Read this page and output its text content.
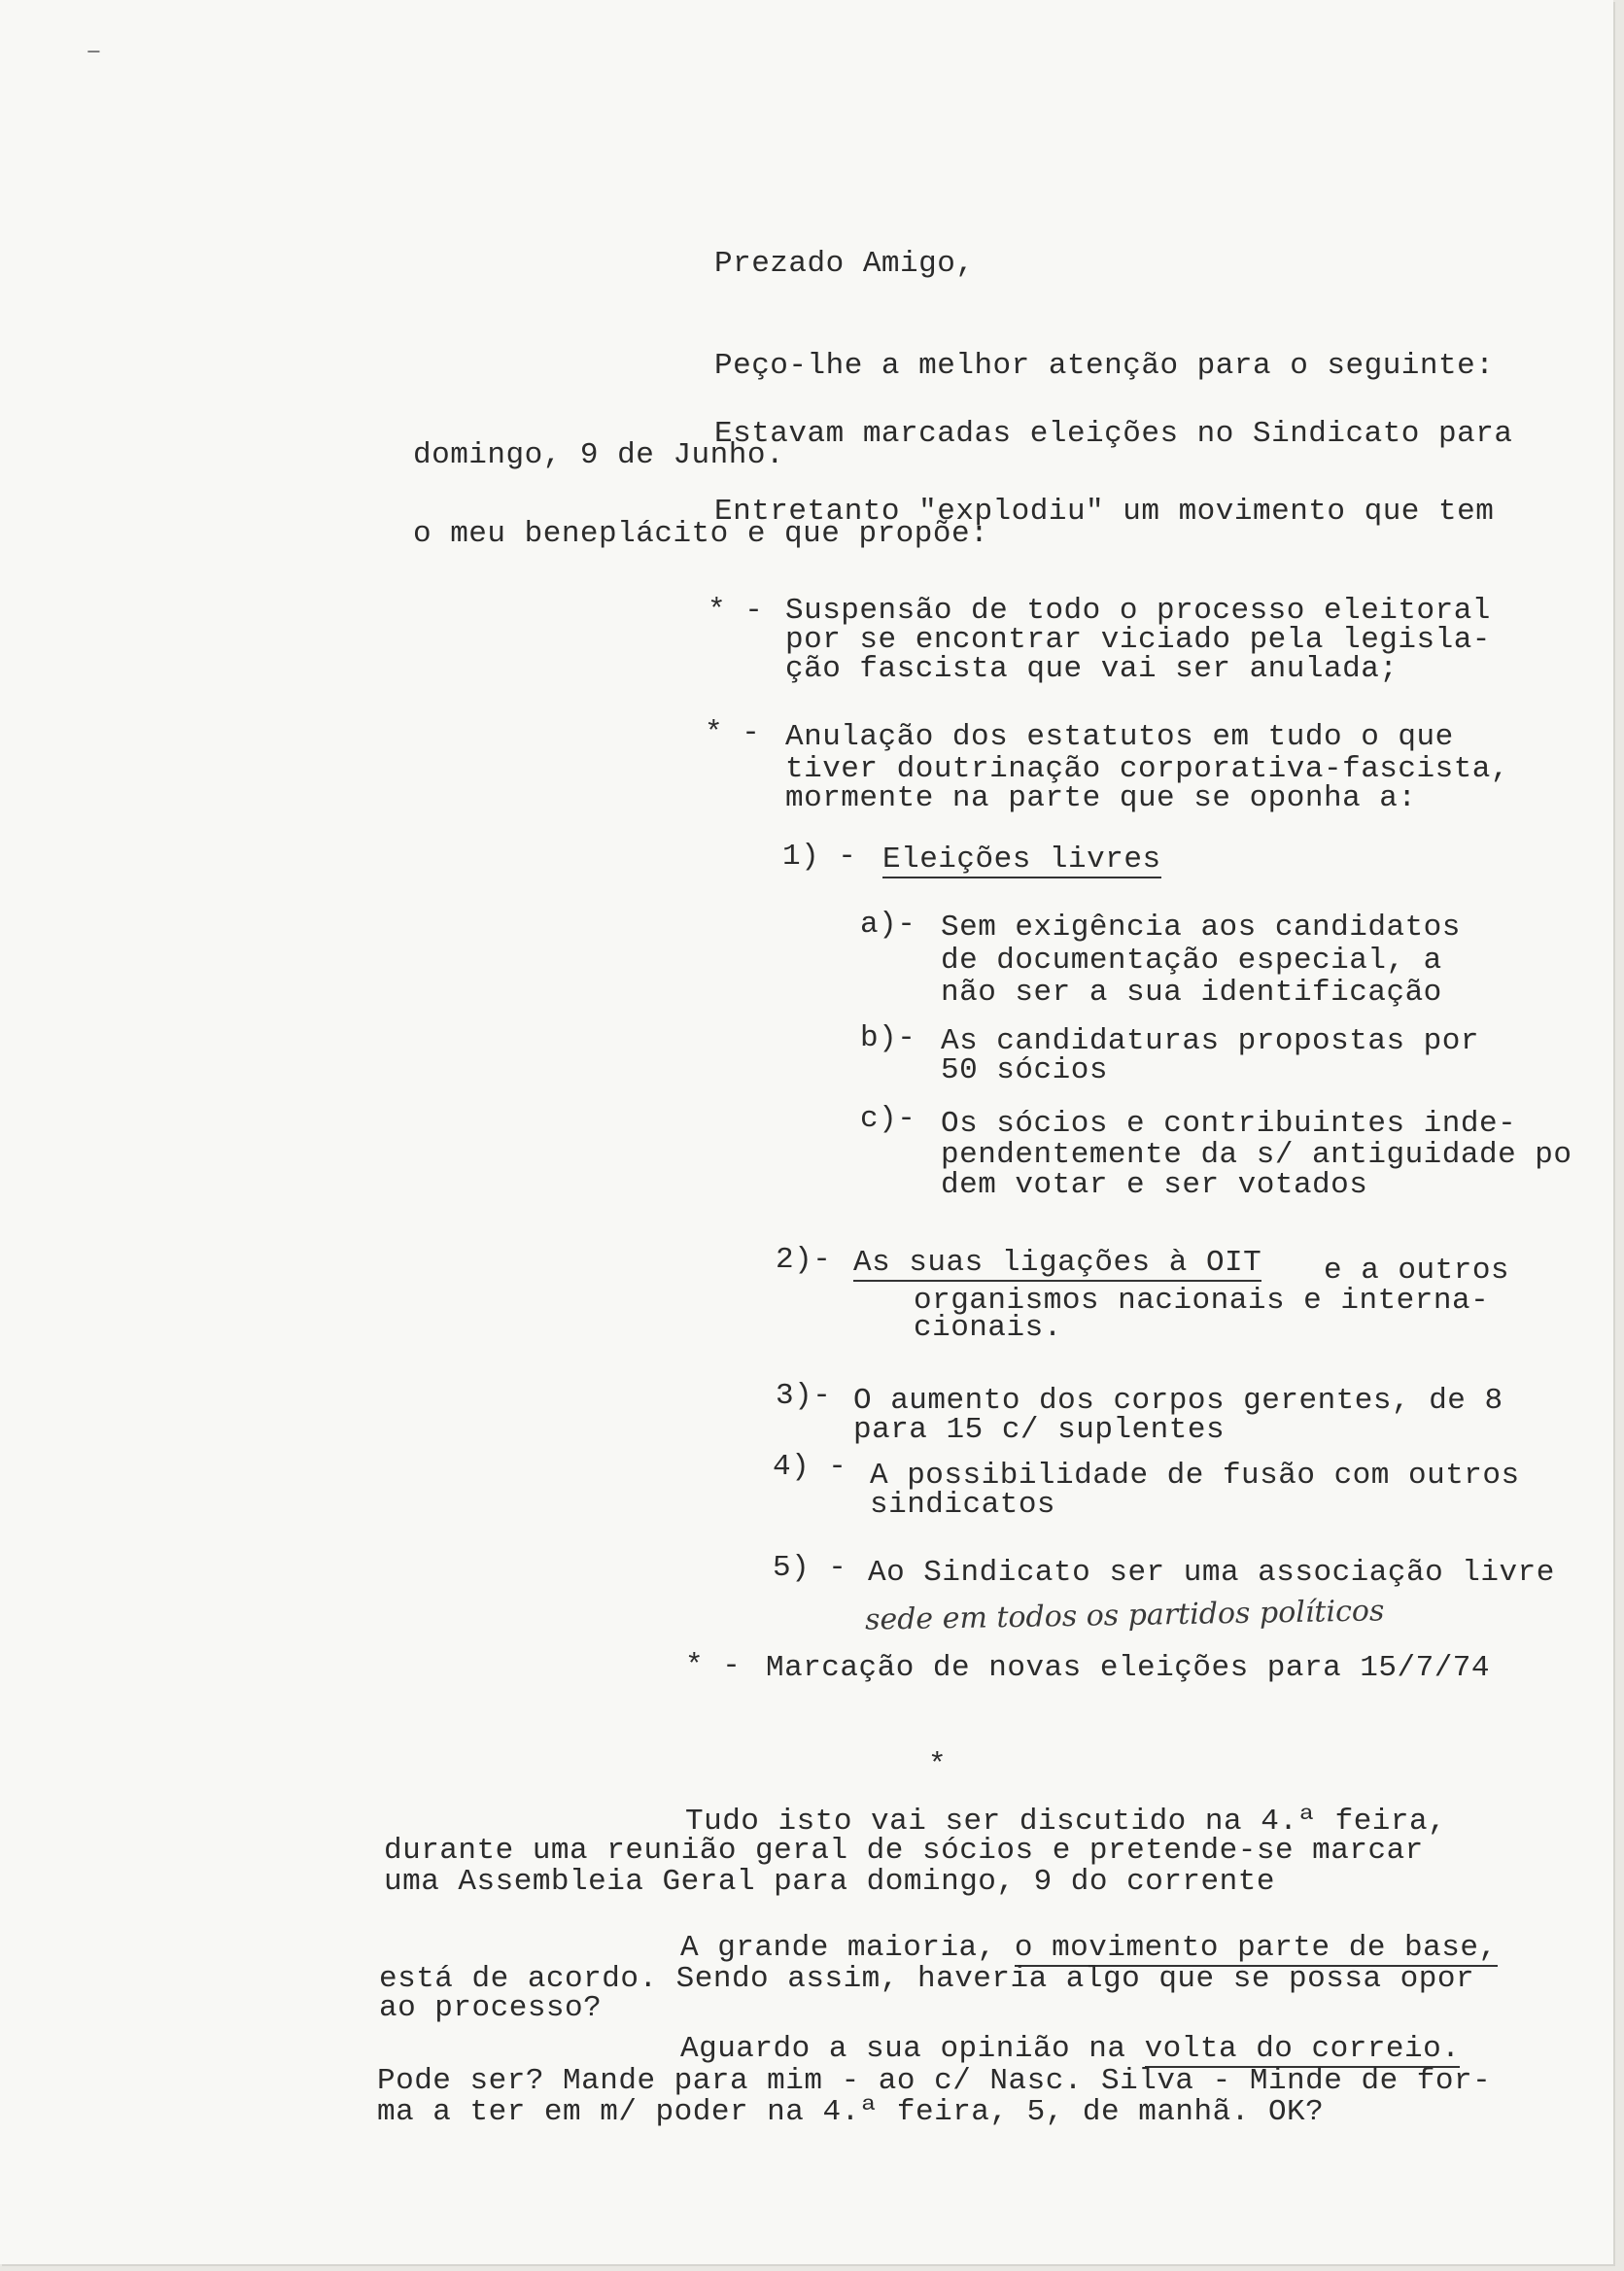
‒
Prezado Amigo,
Peço-lhe a melhor atenção para o seguinte:
Estavam marcadas eleições no Sindicato para
domingo, 9 de Junho.
Entretanto "explodiu" um movimento que tem
o meu beneplácito e que propõe:
* - Suspensão de todo o processo eleitoral
por se encontrar viciado pela legisla-
ção fascista que vai ser anulada;
* - Anulação dos estatutos em tudo o que
tiver doutrinação corporativa-fascista,
mormente na parte que se oponha a:
1) - Eleições livres
a)- Sem exigência aos candidatos
de documentação especial, a
não ser a sua identificação
b)- As candidaturas propostas por
50 sócios
c)- Os sócios e contribuintes inde-
pendentemente da s/ antiguidade po
dem votar e ser votados
2)- As suas ligações à OIT e a outros
organismos nacionais e interna-
cionais.
3)- O aumento dos corpos gerentes, de 8
para 15 c/ suplentes
4) - A possibilidade de fusão com outros
sindicatos
5) - Ao Sindicato ser uma associação livre
sede em todos os partidos políticos
* - Marcação de novas eleições para 15/7/74
*
Tudo isto vai ser discutido na 4.ª feira,
durante uma reunião geral de sócios e pretende-se marcar
uma Assembleia Geral para domingo, 9 do corrente
A grande maioria, o movimento parte de base,
está de acordo. Sendo assim, haveria algo que se possa opor
ao processo?
Aguardo a sua opinião na volta do correio.
Pode ser? Mande para mim - ao c/ Nasc. Silva - Minde de for-
ma a ter em m/ poder na 4.ª feira, 5, de manhã. OK?
